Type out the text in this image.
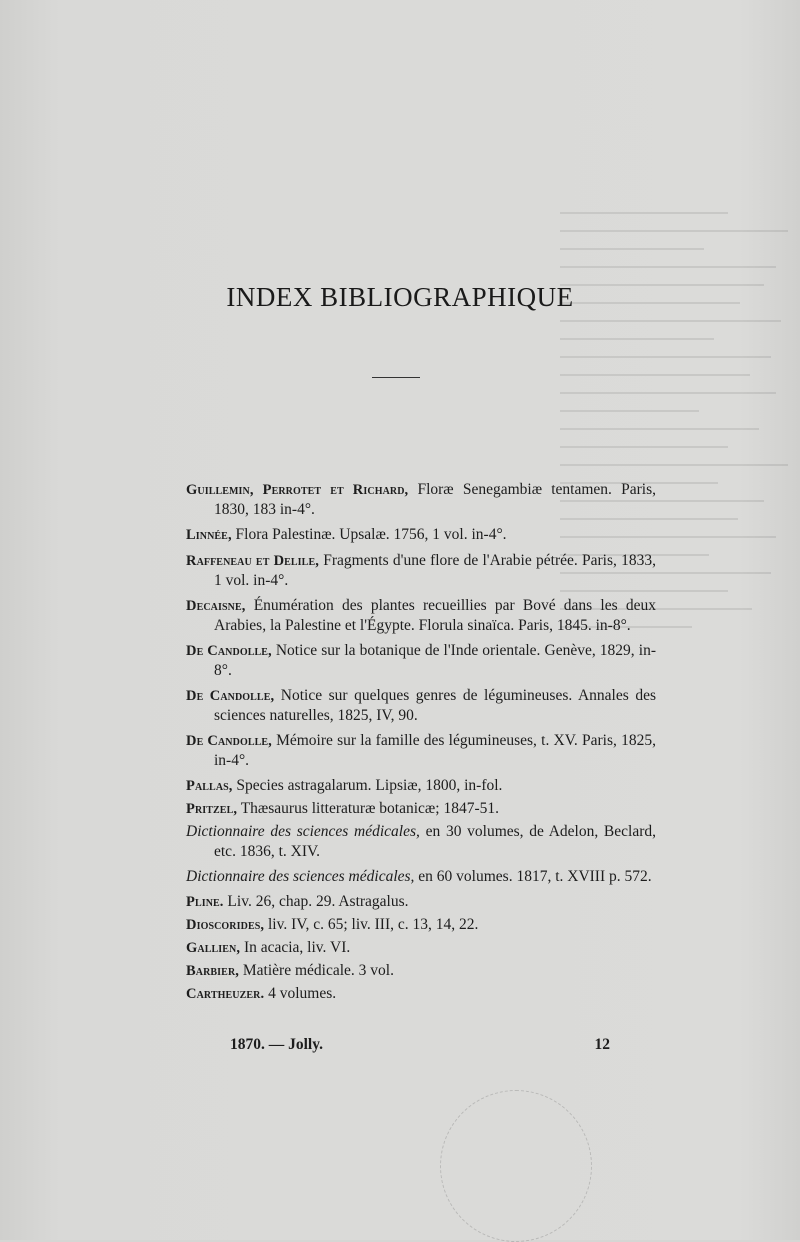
INDEX BIBLIOGRAPHIQUE
Guillemin, Perrotet et Richard, Floræ Senegambiæ tentamen. Paris, 1830, 183 in-4°.
Linnée, Flora Palestinæ. Upsalæ. 1756, 1 vol. in-4°.
Raffeneau et Delile, Fragments d'une flore de l'Arabie pétrée. Paris, 1833, 1 vol. in-4°.
Decaisne, Énumération des plantes recueillies par Bové dans les deux Arabies, la Palestine et l'Égypte. Florula sinaïca. Paris, 1845. in-8°.
De Candolle, Notice sur la botanique de l'Inde orientale. Genève, 1829, in-8°.
De Candolle, Notice sur quelques genres de légumineuses. Annales des sciences naturelles, 1825, IV, 90.
De Candolle, Mémoire sur la famille des légumineuses, t. XV. Paris, 1825, in-4°.
Pallas, Species astragalarum. Lipsiæ, 1800, in-fol.
Pritzel, Thæsaurus litteraturæ botanicæ; 1847-51.
Dictionnaire des sciences médicales, en 30 volumes, de Adelon, Beclard, etc. 1836, t. XIV.
Dictionnaire des sciences médicales, en 60 volumes. 1817, t. XVIII p. 572.
Pline. Liv. 26, chap. 29. Astragalus.
Dioscorides, liv. IV, c. 65; liv. III, c. 13, 14, 22.
Gallien, In acacia, liv. VI.
Barbier, Matière médicale. 3 vol.
Cartheuzer. 4 volumes.
1870. — Jolly.	12
